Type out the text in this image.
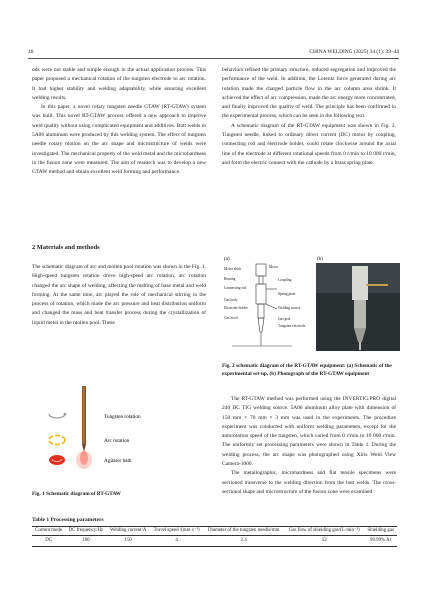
40	CHINA WELDING (2025) 34 (1): 39–44

ods were not stable and simple enough in the actual application process. This paper proposed a mechanical rotation of the tungsten electrode to arc rotation. It had higher stability and welding adaptability, while ensuring excellent welding results.

In this paper, a novel rotary tungsten needle GTAW (RT-GTAW) system was built. This novel RT-GTAW process offered a new approach to improve weld quality without using complicated equipment and additives. Butt welds in 5A06 aluminum were produced by this welding system. The effect of tungsten needle rotary motion on the arc shape and microstructure of welds were investigated. The mechanical property of the weld metal and the microhardness in the fusion zone were measured. The aim of research was to develop a new GTAW method and obtain excellent weld forming and performance.

2 Materials and methods

The schematic diagram of arc and molten pool rotation was shown in the Fig. 1. High-speed tungsten rotation drove high-speed arc rotation, arc rotation changed the arc shape of welding, affecting the melting of base metal and weld forming. At the same time, arc played the role of mechanical stirring in the process of rotation, which made the arc pressure and heat distribution uniform and changed the mass and heat transfer process during the crystallization of liquid metal in the molten pool. These

Tungsten rotation
Arc rotation
Agitator bath
Fig. 1 Schematic diagram of RT-GTAW

behaviors refined the primary structure, reduced segregation and improved the performance of the weld. In addition, the Lorentz force generated during arc rotation made the charged particle flow in the arc column area shrink. It achieved the effect of arc compression, made the arc energy more concentrated, and finally improved the quality of weld. The principle has been confirmed in the experimental process, which can be seen in the following text.

A schematic diagram of the RT-GTAW equipment was shown in Fig. 2. Tungsten needle, linked to ordinary direct current (DC) motor by coupling, connecting rod and electrode holder, could rotate clockwise around the axial line of the electrode at different rotational speeds from 0 r/min to 10 000 r/min, and form the electric connect with the cathode by a brass spring plate.

(a)	(b)
Motor shaft
Bearing
Connecting rod
Gas body
Electrode holder
Gas hood
Motor
Coupling
Spring plate
Welding source
Gas grid
Tungsten electrode
Fig. 2 schematic diagram of the RT-GTAW equipment: (a) Schematic of the experimental set-up, (b) Photograph of the RT-GTAW equipment

The RT-GTAW method was performed using the INVERTIG.PRO digital 240 DC TIG welding source. 5A06 aluminum alloy plate with dimension of 150 mm × 70 mm × 3 mm was used in the experiments. The procedure experiment was conducted with uniform welding parameters, except for the autorotation speed of the tungsten, which varied from 0 r/min to 10 000 r/min. The uniformly set processing parameters were shown in Table 1. During the welding process, the arc shape was photographed using Xiris Weld View Camera-1000.

The metallographic, microhardness and flat tensile specimens were sectioned transverse to the welding direction from the butt welds. The cross-sectional shape and microstructure of the fusion zone were examined

Table 1 Processing parameters
Current mode	DC frequency/Hz	Welding current/A	Travel speed /(mm·s⁻¹)	Diameter of the tungsten needle/mm	Gas flow of shielding gas/(L·min⁻¹)	Shielding gas
DC	180	150	4	2.4	12	99.99% Ar
